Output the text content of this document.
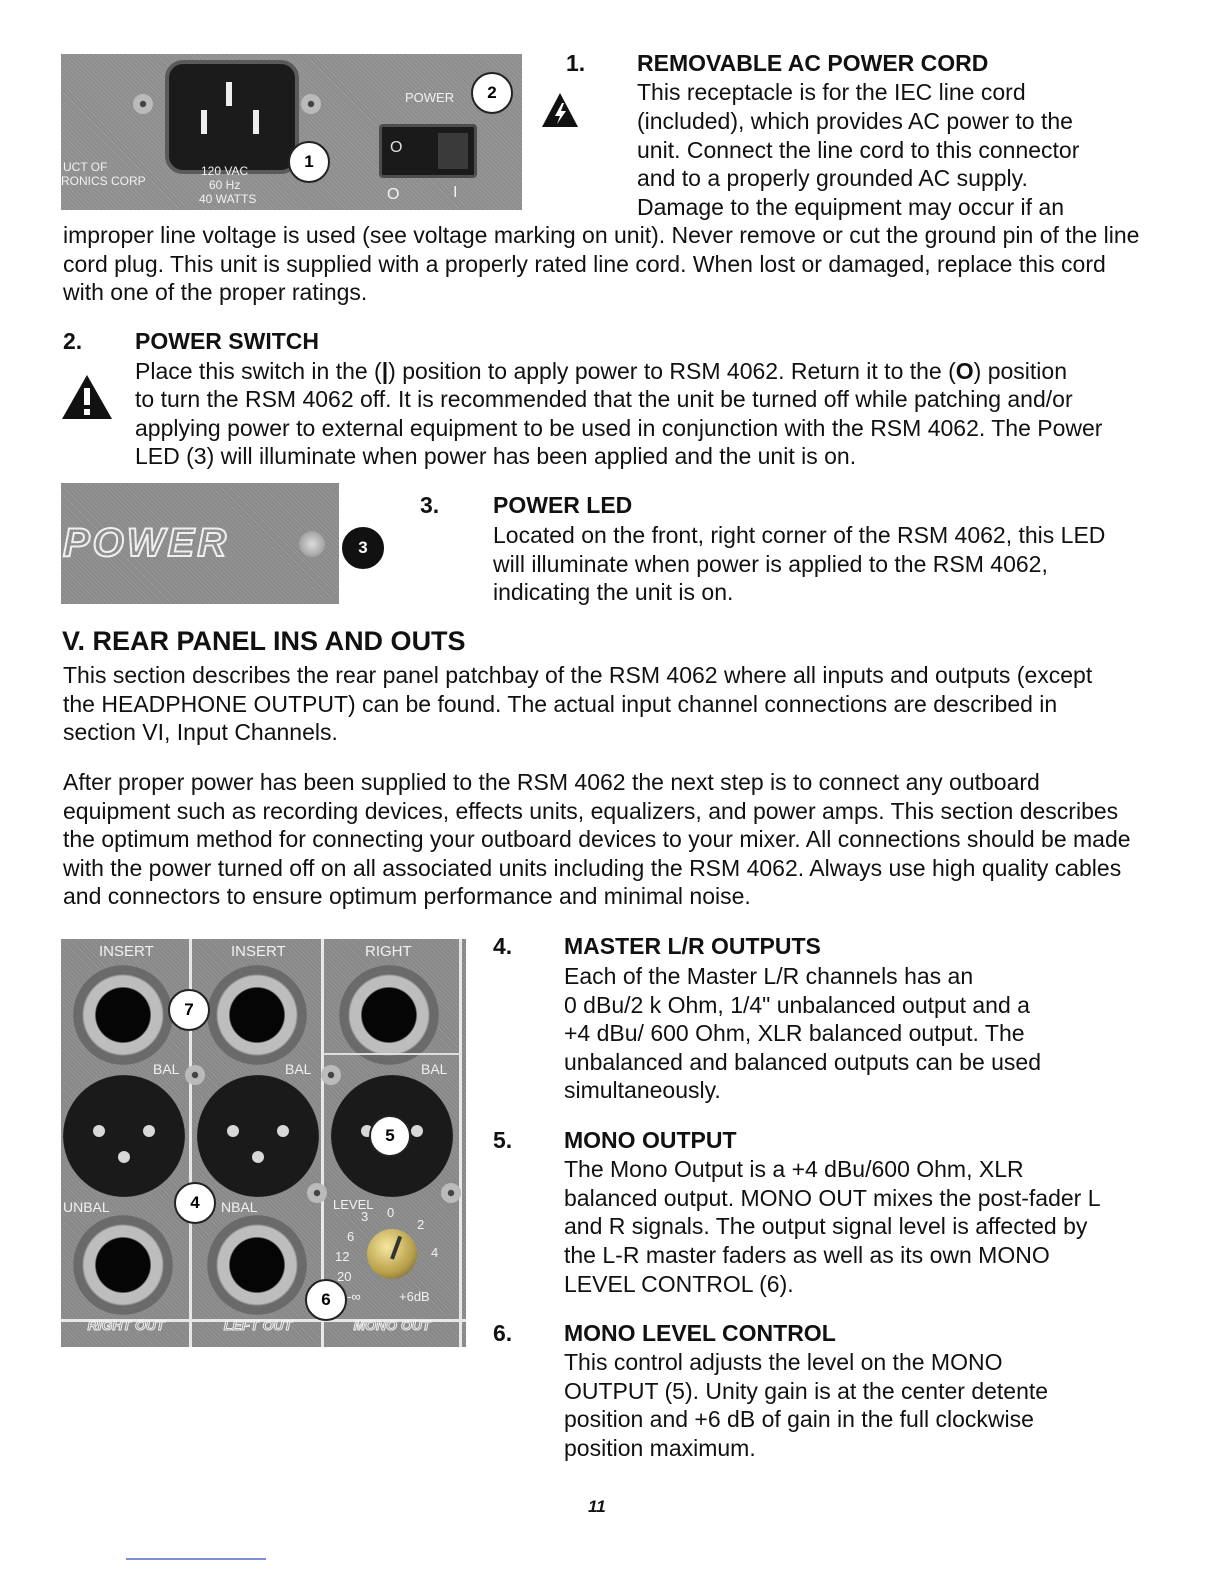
UCT OF
RONICS CORP
120 VAC
60 Hz
40 WATTS
POWER
O
O	I
1
2
1. REMOVABLE AC POWER CORD
This receptacle is for the IEC line cord
(included), which provides AC power to the
unit. Connect the line cord to this connector
and to a properly grounded AC supply.
Damage to the equipment may occur if an

improper line voltage is used (see voltage marking on unit). Never remove or cut the ground pin of the line cord plug. This unit is supplied with a properly rated line cord. When lost or damaged, replace this cord with one of the proper ratings.

2. POWER SWITCH
Place this switch in the (|) position to apply power to RSM 4062. Return it to the (O) position

to turn the RSM 4062 off. It is recommended that the unit be turned off while patching and/or applying power to external equipment to be used in conjunction with the RSM 4062. The Power LED (3) will illuminate when power has been applied and the unit is on.

POWER	3
3. POWER LED

Located on the front, right corner of the RSM 4062, this LED will illuminate when power is applied to the RSM 4062, indicating the unit is on.

V. REAR PANEL INS AND OUTS

This section describes the rear panel patchbay of the RSM 4062 where all inputs and outputs (except the HEADPHONE OUTPUT) can be found. The actual input channel connections are described in section VI, Input Channels.

After proper power has been supplied to the RSM 4062 the next step is to connect any outboard equipment such as recording devices, effects units, equalizers, and power amps. This section describes the optimum method for connecting your outboard devices to your mixer. All connections should be made with the power turned off on all associated units including the RSM 4062. Always use high quality cables and connectors to ensure optimum performance and minimal noise.

INSERT	INSERT	RIGHT
BAL	BAL	BAL
UNBAL	NBAL	LEVEL
0
2
3
6
4
12
20
-∞	+6dB
RIGHT OUT	LEFT OUT	MONO OUT
7
5
4
6
4. MASTER L/R OUTPUTS
Each of the Master L/R channels has an
0 dBu/2 k Ohm, 1/4" unbalanced output and a
+4 dBu/ 600 Ohm, XLR balanced output. The
unbalanced and balanced outputs can be used
simultaneously.
5. MONO OUTPUT
The Mono Output is a +4 dBu/600 Ohm, XLR
balanced output. MONO OUT mixes the post-fader L
and R signals. The output signal level is affected by
the L-R master faders as well as its own MONO
LEVEL CONTROL (6).
6. MONO LEVEL CONTROL
This control adjusts the level on the MONO
OUTPUT (5). Unity gain is at the center detente
position and +6 dB of gain in the full clockwise
position maximum.
11
